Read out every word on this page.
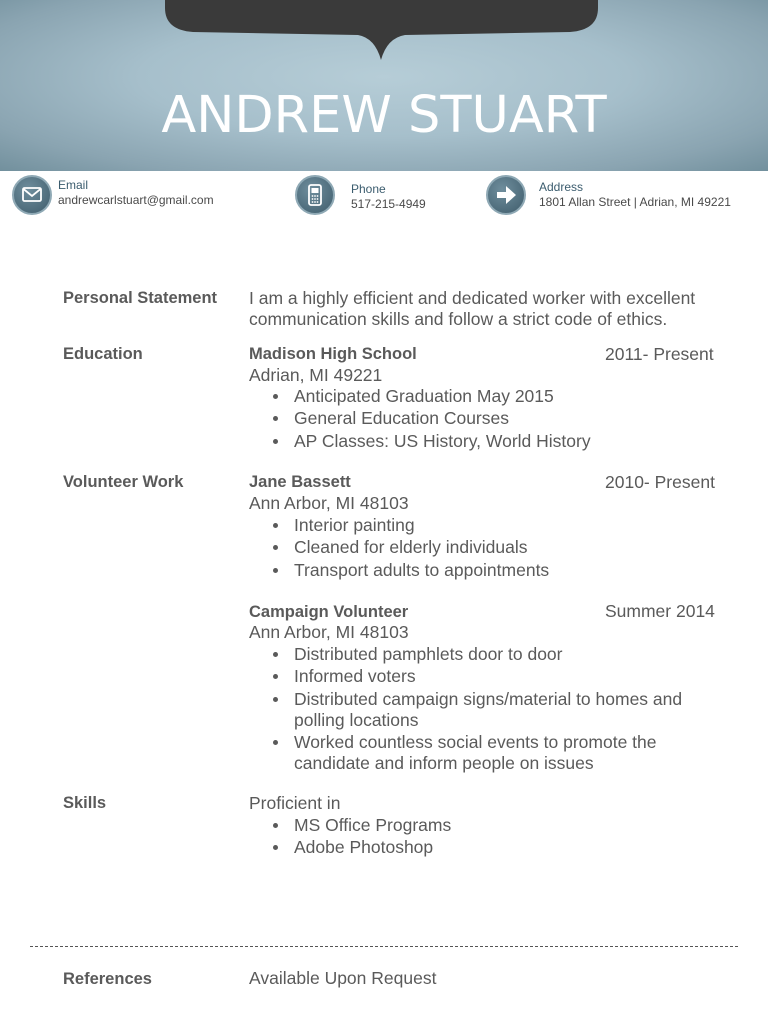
ANDREW STUART
Email
andrewcarlstuart@gmail.com
Phone
517-215-4949
Address
1801 Allan Street | Adrian, MI 49221
Personal Statement I am a highly efficient and dedicated worker with excellent
communication skills and follow a strict code of ethics.
Education	Madison High School	2011- Present
Adrian, MI 49221
Anticipated Graduation May 2015
General Education Courses
AP Classes: US History, World History
Volunteer Work	Jane Bassett	2010- Present
Ann Arbor, MI 48103
Interior painting
Cleaned for elderly individuals
Transport adults to appointments
Campaign Volunteer	Summer 2014
Ann Arbor, MI 48103
Distributed pamphlets door to door
Informed voters
Distributed campaign signs/material to homes and polling locations
Worked countless social events to promote the candidate and inform people on issues
Skills	Proficient in
MS Office Programs
Adobe Photoshop
References	Available Upon Request
